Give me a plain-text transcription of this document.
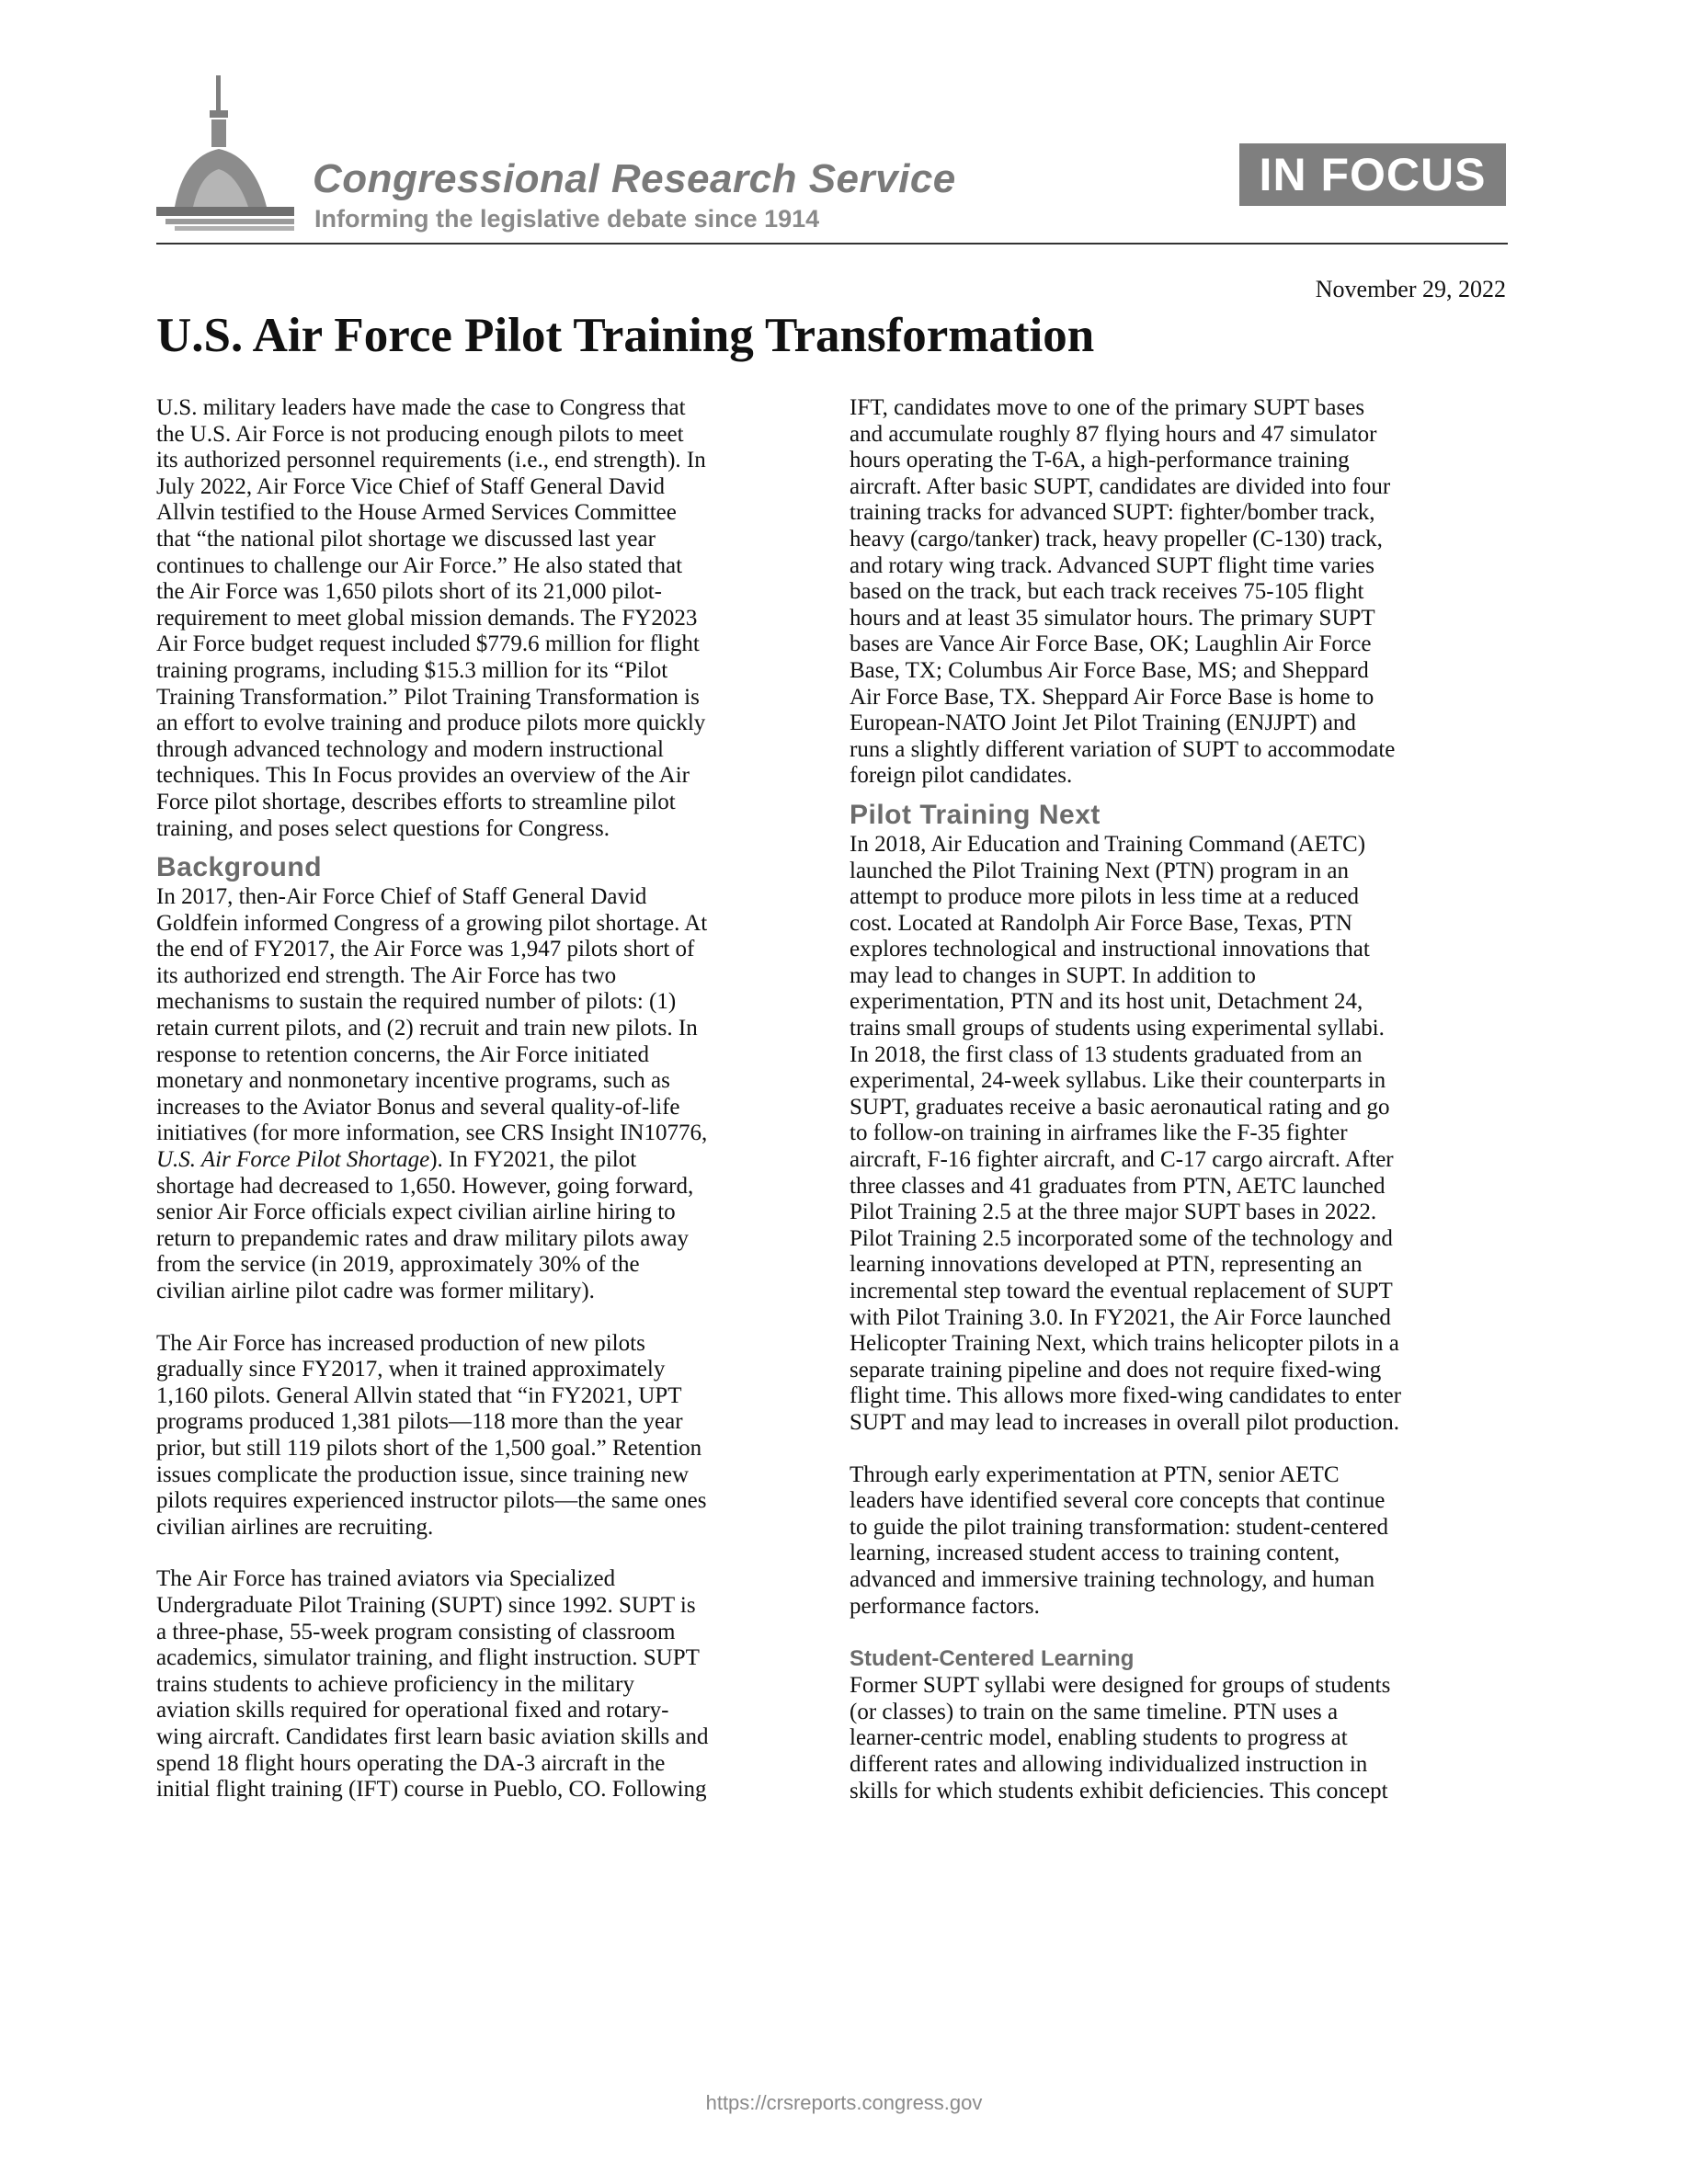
Congressional Research Service
Informing the legislative debate since 1914
IN FOCUS
November 29, 2022
U.S. Air Force Pilot Training Transformation

U.S. military leaders have made the case to Congress that
the U.S. Air Force is not producing enough pilots to meet
its authorized personnel requirements (i.e., end strength). In
July 2022, Air Force Vice Chief of Staff General David
Allvin testified to the House Armed Services Committee
that “the national pilot shortage we discussed last year
continues to challenge our Air Force.” He also stated that
the Air Force was 1,650 pilots short of its 21,000 pilot-
requirement to meet global mission demands. The FY2023
Air Force budget request included $779.6 million for flight
training programs, including $15.3 million for its “Pilot
Training Transformation.” Pilot Training Transformation is
an effort to evolve training and produce pilots more quickly
through advanced technology and modern instructional
techniques. This In Focus provides an overview of the Air
Force pilot shortage, describes efforts to streamline pilot
training, and poses select questions for Congress.

Background

In 2017, then-Air Force Chief of Staff General David
Goldfein informed Congress of a growing pilot shortage. At
the end of FY2017, the Air Force was 1,947 pilots short of
its authorized end strength. The Air Force has two
mechanisms to sustain the required number of pilots: (1)
retain current pilots, and (2) recruit and train new pilots. In
response to retention concerns, the Air Force initiated
monetary and nonmonetary incentive programs, such as
increases to the Aviator Bonus and several quality-of-life
initiatives (for more information, see CRS Insight IN10776,
U.S. Air Force Pilot Shortage). In FY2021, the pilot
shortage had decreased to 1,650. However, going forward,
senior Air Force officials expect civilian airline hiring to
return to prepandemic rates and draw military pilots away
from the service (in 2019, approximately 30% of the
civilian airline pilot cadre was former military).

The Air Force has increased production of new pilots
gradually since FY2017, when it trained approximately
1,160 pilots. General Allvin stated that “in FY2021, UPT
programs produced 1,381 pilots—118 more than the year
prior, but still 119 pilots short of the 1,500 goal.” Retention
issues complicate the production issue, since training new
pilots requires experienced instructor pilots—the same ones
civilian airlines are recruiting.

The Air Force has trained aviators via Specialized
Undergraduate Pilot Training (SUPT) since 1992. SUPT is
a three-phase, 55-week program consisting of classroom
academics, simulator training, and flight instruction. SUPT
trains students to achieve proficiency in the military
aviation skills required for operational fixed and rotary-
wing aircraft. Candidates first learn basic aviation skills and
spend 18 flight hours operating the DA-3 aircraft in the
initial flight training (IFT) course in Pueblo, CO. Following

IFT, candidates move to one of the primary SUPT bases
and accumulate roughly 87 flying hours and 47 simulator
hours operating the T-6A, a high-performance training
aircraft. After basic SUPT, candidates are divided into four
training tracks for advanced SUPT: fighter/bomber track,
heavy (cargo/tanker) track, heavy propeller (C-130) track,
and rotary wing track. Advanced SUPT flight time varies
based on the track, but each track receives 75-105 flight
hours and at least 35 simulator hours. The primary SUPT
bases are Vance Air Force Base, OK; Laughlin Air Force
Base, TX; Columbus Air Force Base, MS; and Sheppard
Air Force Base, TX. Sheppard Air Force Base is home to
European-NATO Joint Jet Pilot Training (ENJJPT) and
runs a slightly different variation of SUPT to accommodate
foreign pilot candidates.

Pilot Training Next

In 2018, Air Education and Training Command (AETC)
launched the Pilot Training Next (PTN) program in an
attempt to produce more pilots in less time at a reduced
cost. Located at Randolph Air Force Base, Texas, PTN
explores technological and instructional innovations that
may lead to changes in SUPT. In addition to
experimentation, PTN and its host unit, Detachment 24,
trains small groups of students using experimental syllabi.
In 2018, the first class of 13 students graduated from an
experimental, 24-week syllabus. Like their counterparts in
SUPT, graduates receive a basic aeronautical rating and go
to follow-on training in airframes like the F-35 fighter
aircraft, F-16 fighter aircraft, and C-17 cargo aircraft. After
three classes and 41 graduates from PTN, AETC launched
Pilot Training 2.5 at the three major SUPT bases in 2022.
Pilot Training 2.5 incorporated some of the technology and
learning innovations developed at PTN, representing an
incremental step toward the eventual replacement of SUPT
with Pilot Training 3.0. In FY2021, the Air Force launched
Helicopter Training Next, which trains helicopter pilots in a
separate training pipeline and does not require fixed-wing
flight time. This allows more fixed-wing candidates to enter
SUPT and may lead to increases in overall pilot production.

Through early experimentation at PTN, senior AETC
leaders have identified several core concepts that continue
to guide the pilot training transformation: student-centered
learning, increased student access to training content,
advanced and immersive training technology, and human
performance factors.

Student-Centered Learning

Former SUPT syllabi were designed for groups of students
(or classes) to train on the same timeline. PTN uses a
learner-centric model, enabling students to progress at
different rates and allowing individualized instruction in
skills for which students exhibit deficiencies. This concept

https://crsreports.congress.gov
